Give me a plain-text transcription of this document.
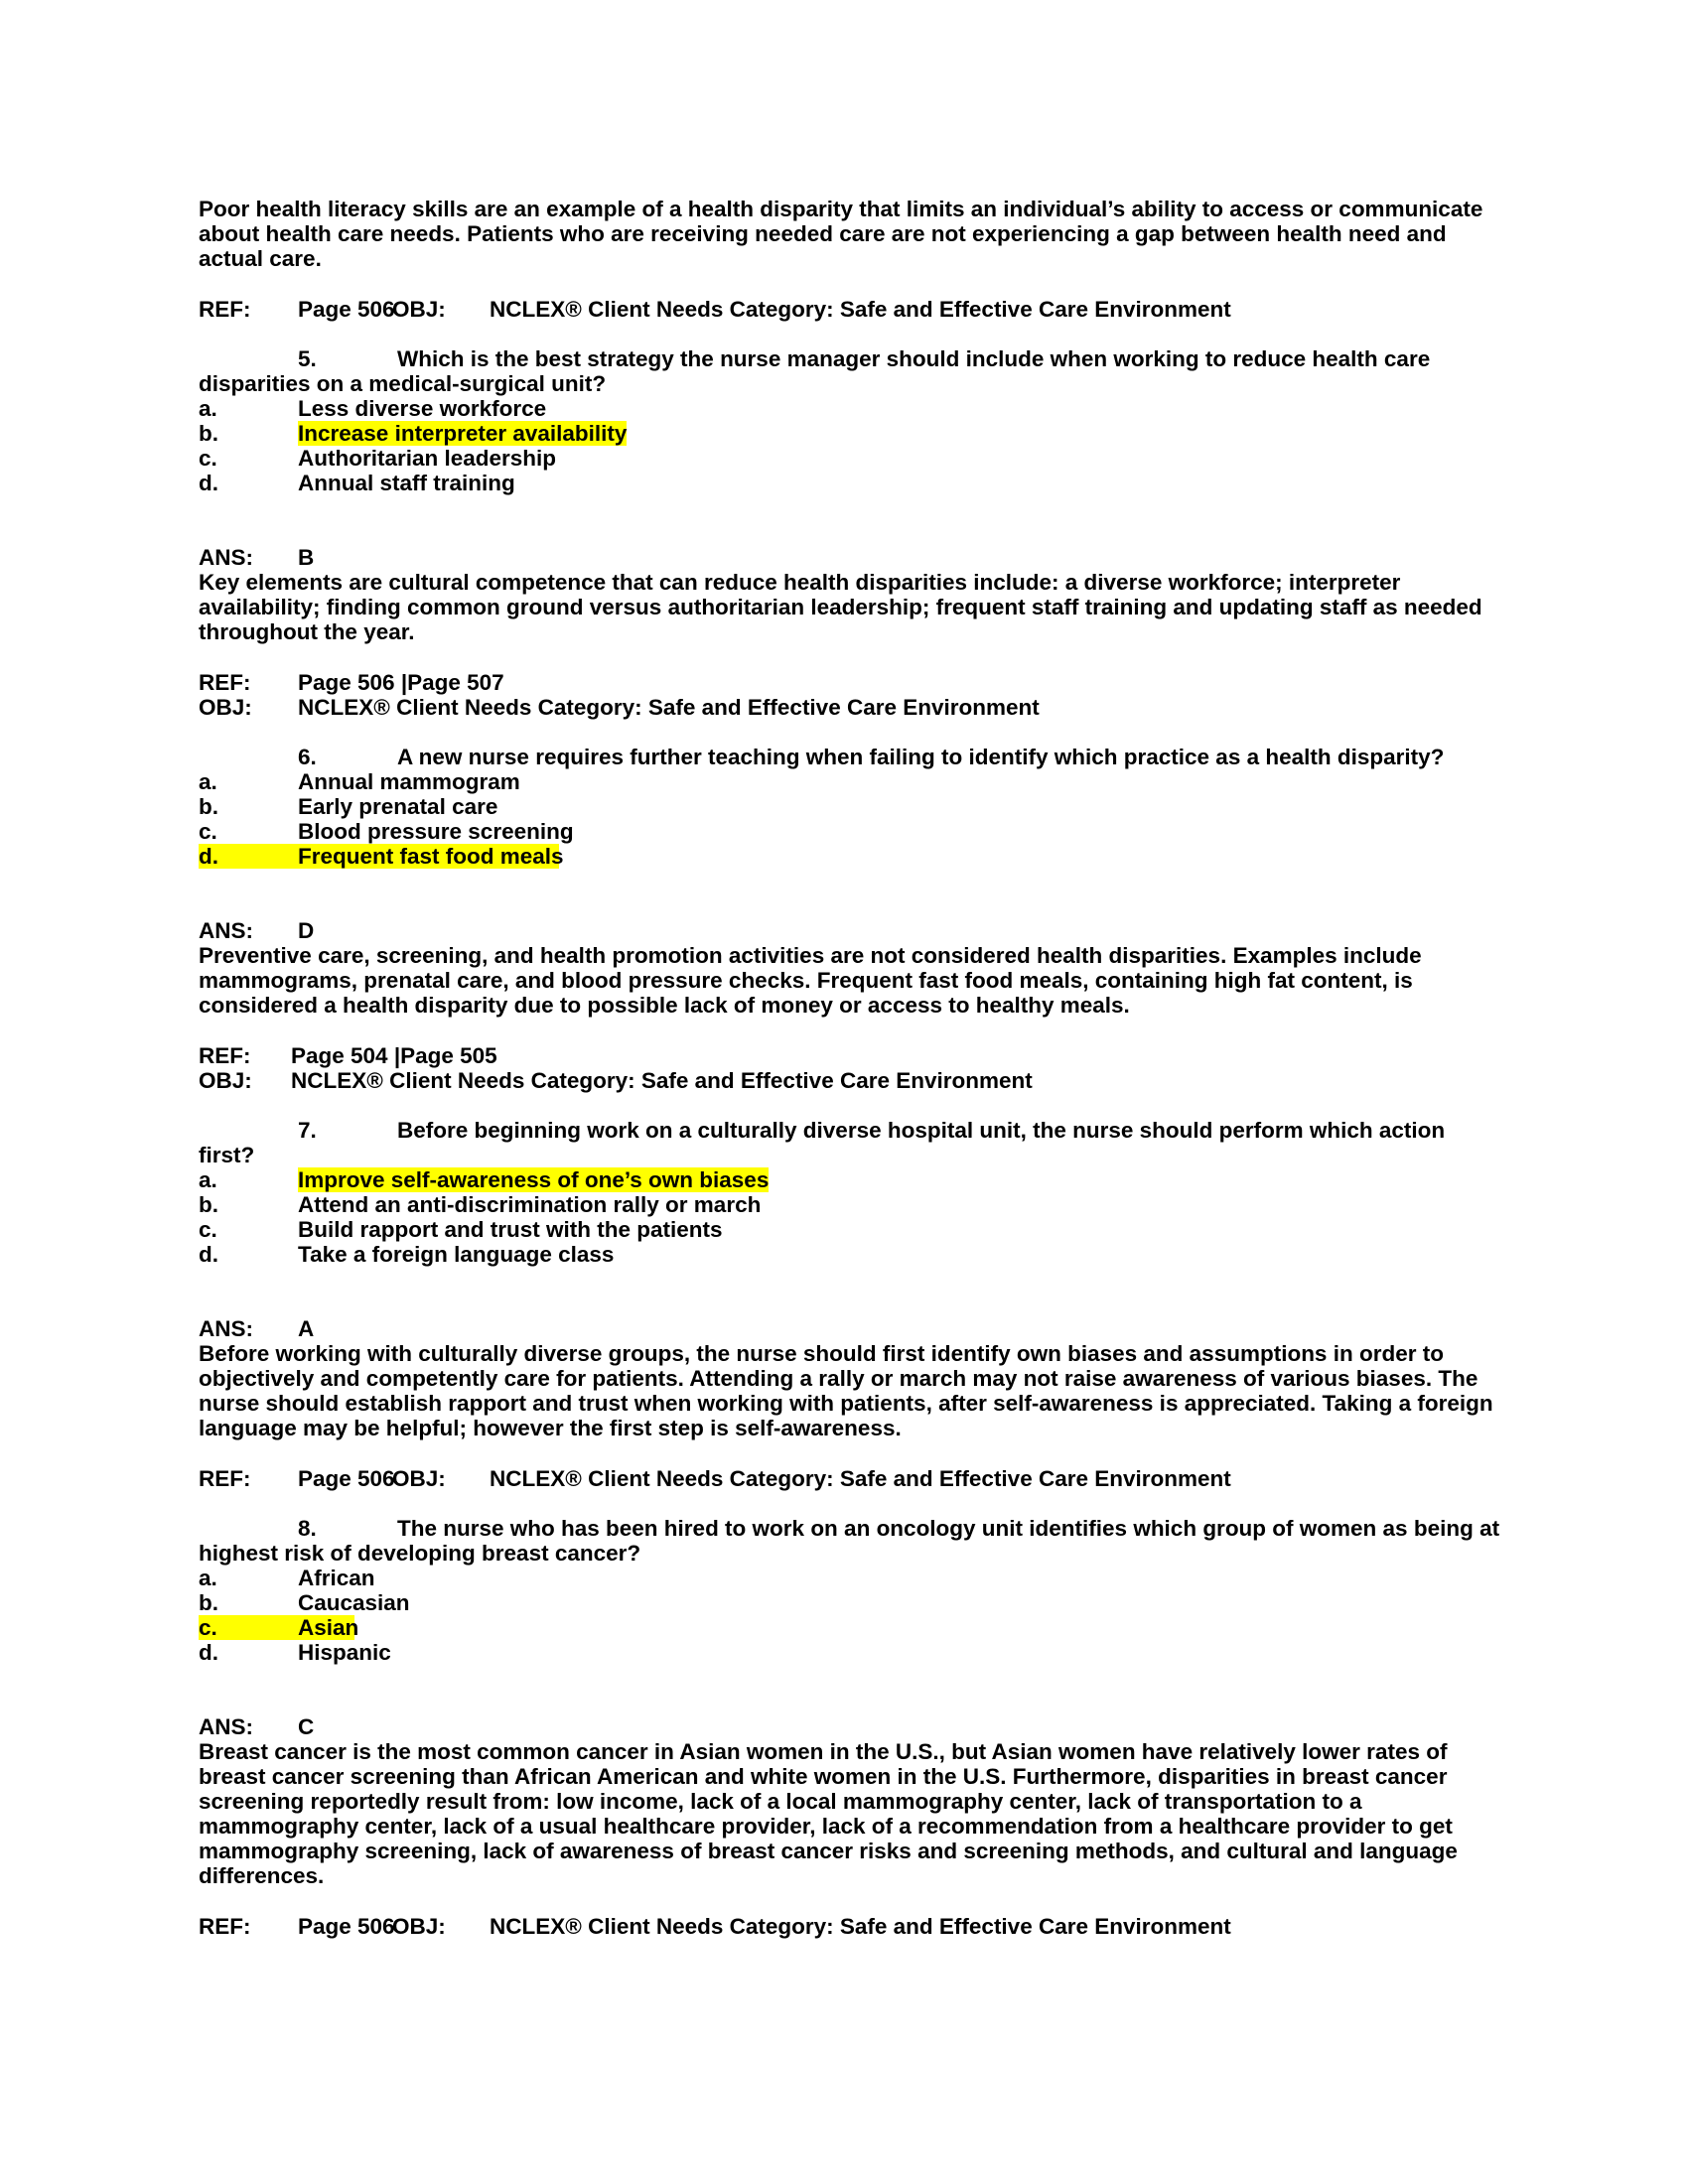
Poor health literacy skills are an example of a health disparity that limits an individual’s ability to access or communicate
about health care needs. Patients who are receiving needed care are not experiencing a gap between health need and
actual care.
REF: Page 506
OBJ: NCLEX® Client Needs Category: Safe and Effective Care Environment
5.	Which is the best strategy the nurse manager should include when working to reduce health care
disparities on a medical-surgical unit?
a.	Less diverse workforce
b.	Increase interpreter availability
c.	Authoritarian leadership
d.	Annual staff training
ANS: B
Key elements are cultural competence that can reduce health disparities include: a diverse workforce; interpreter
availability; finding common ground versus authoritarian leadership; frequent staff training and updating staff as needed
throughout the year.
REF: Page 506 |Page 507
OBJ: NCLEX® Client Needs Category: Safe and Effective Care Environment
6.	A new nurse requires further teaching when failing to identify which practice as a health disparity?
a.	Annual mammogram
b.	Early prenatal care
c.	Blood pressure screening
d.	Frequent fast food meals
ANS: D
Preventive care, screening, and health promotion activities are not considered health disparities. Examples include
mammograms, prenatal care, and blood pressure checks. Frequent fast food meals, containing high fat content, is
considered a health disparity due to possible lack of money or access to healthy meals.
REF: Page 504 |Page 505
OBJ: NCLEX® Client Needs Category: Safe and Effective Care Environment
7.	Before beginning work on a culturally diverse hospital unit, the nurse should perform which action
first?
a.	Improve self-awareness of one’s own biases
b.	Attend an anti-discrimination rally or march
c.	Build rapport and trust with the patients
d.	Take a foreign language class
ANS: A
Before working with culturally diverse groups, the nurse should first identify own biases and assumptions in order to
objectively and competently care for patients. Attending a rally or march may not raise awareness of various biases. The
nurse should establish rapport and trust when working with patients, after self-awareness is appreciated. Taking a foreign
language may be helpful; however the first step is self-awareness.
REF: Page 506
OBJ: NCLEX® Client Needs Category: Safe and Effective Care Environment
8.	The nurse who has been hired to work on an oncology unit identifies which group of women as being at
highest risk of developing breast cancer?
a.	African
b.	Caucasian
c.	Asian
d.	Hispanic
ANS: C
Breast cancer is the most common cancer in Asian women in the U.S., but Asian women have relatively lower rates of
breast cancer screening than African American and white women in the U.S. Furthermore, disparities in breast cancer
screening reportedly result from: low income, lack of a local mammography center, lack of transportation to a
mammography center, lack of a usual healthcare provider, lack of a recommendation from a healthcare provider to get
mammography screening, lack of awareness of breast cancer risks and screening methods, and cultural and language
differences.
REF: Page 506
OBJ: NCLEX® Client Needs Category: Safe and Effective Care Environment
